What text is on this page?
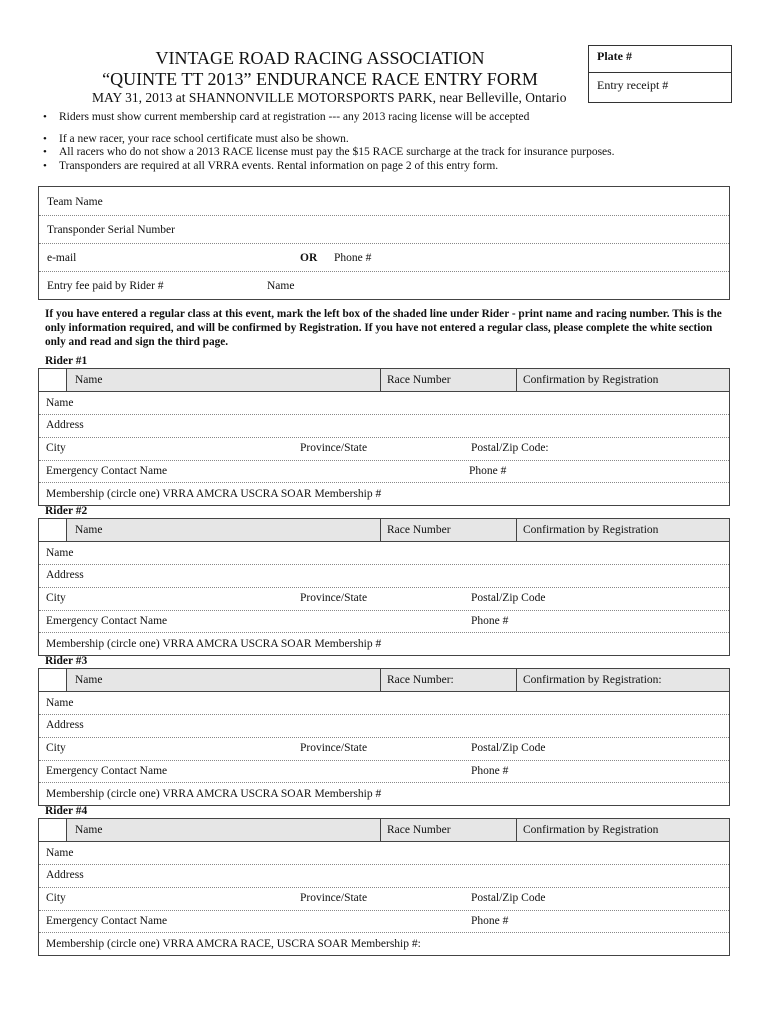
VINTAGE ROAD RACING ASSOCIATION
“QUINTE TT 2013” ENDURANCE RACE ENTRY FORM
MAY 31, 2013 at SHANNONVILLE MOTORSPORTS PARK, near Belleville, Ontario
Plate #
Entry receipt #
• Riders must show current membership card at registration --- any 2013 racing license will be accepted
• If a new racer, your race school certificate must also be shown.
• All racers who do not show a 2013 RACE license must pay the $15 RACE surcharge at the track for insurance purposes.
• Transponders are required at all VRRA events. Rental information on page 2 of this entry form.
Team Name
Transponder Serial Number
e-mail	OR Phone #
Entry fee paid by Rider #	Name
If you have entered a regular class at this event, mark the left box of the shaded line under Rider - print name and racing number. This is the only information required, and will be confirmed by Registration. If you have not entered a regular class, please complete the white section only and read and sign the third page.
Rider #1
Name	Race Number	Confirmation by Registration
Name
Address
City	Province/State	Postal/Zip Code:
Emergency Contact Name	Phone #
Membership (circle one) VRRA AMCRA USCRA SOAR Membership #
Rider #2
Name	Race Number	Confirmation by Registration
Name
Address
City	Province/State	Postal/Zip Code
Emergency Contact Name	Phone #
Membership (circle one) VRRA AMCRA USCRA SOAR Membership #
Rider #3
Name	Race Number:	Confirmation by Registration:
Name
Address
City	Province/State	Postal/Zip Code
Emergency Contact Name	Phone #
Membership (circle one) VRRA AMCRA USCRA SOAR Membership #
Rider #4
Name	Race Number	Confirmation by Registration
Name
Address
City	Province/State	Postal/Zip Code
Emergency Contact Name	Phone #
Membership (circle one) VRRA AMCRA RACE, USCRA SOAR Membership #:
